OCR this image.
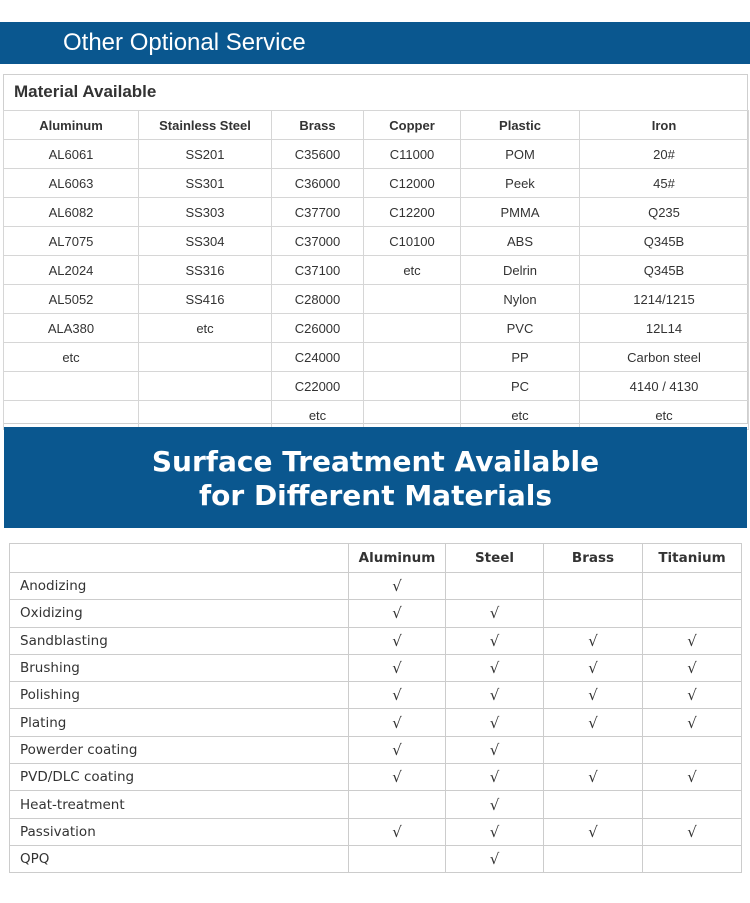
Other Optional Service
Material Available
Aluminum	Stainless Steel	Brass	Copper	Plastic	Iron
AL6061	SS201	C35600	C11000	POM	20#
AL6063	SS301	C36000	C12000	Peek	45#
AL6082	SS303	C37700	C12200	PMMA	Q235
AL7075	SS304	C37000	C10100	ABS	Q345B
AL2024	SS316	C37100	etc	Delrin	Q345B
AL5052	SS416	C28000		Nylon	1214/1215
ALA380	etc	C26000		PVC	12L14
etc		C24000		PP	Carbon steel
		C22000		PC	4140 / 4130
		etc		etc	etc
Surface Treatment Available
for Different Materials
	Aluminum	Steel	Brass	Titanium
Anodizing	√			
Oxidizing	√	√		
Sandblasting	√	√	√	√
Brushing	√	√	√	√
Polishing	√	√	√	√
Plating	√	√	√	√
Powerder coating	√	√		
PVD/DLC coating	√	√	√	√
Heat-treatment		√		
Passivation	√	√	√	√
QPQ		√		
